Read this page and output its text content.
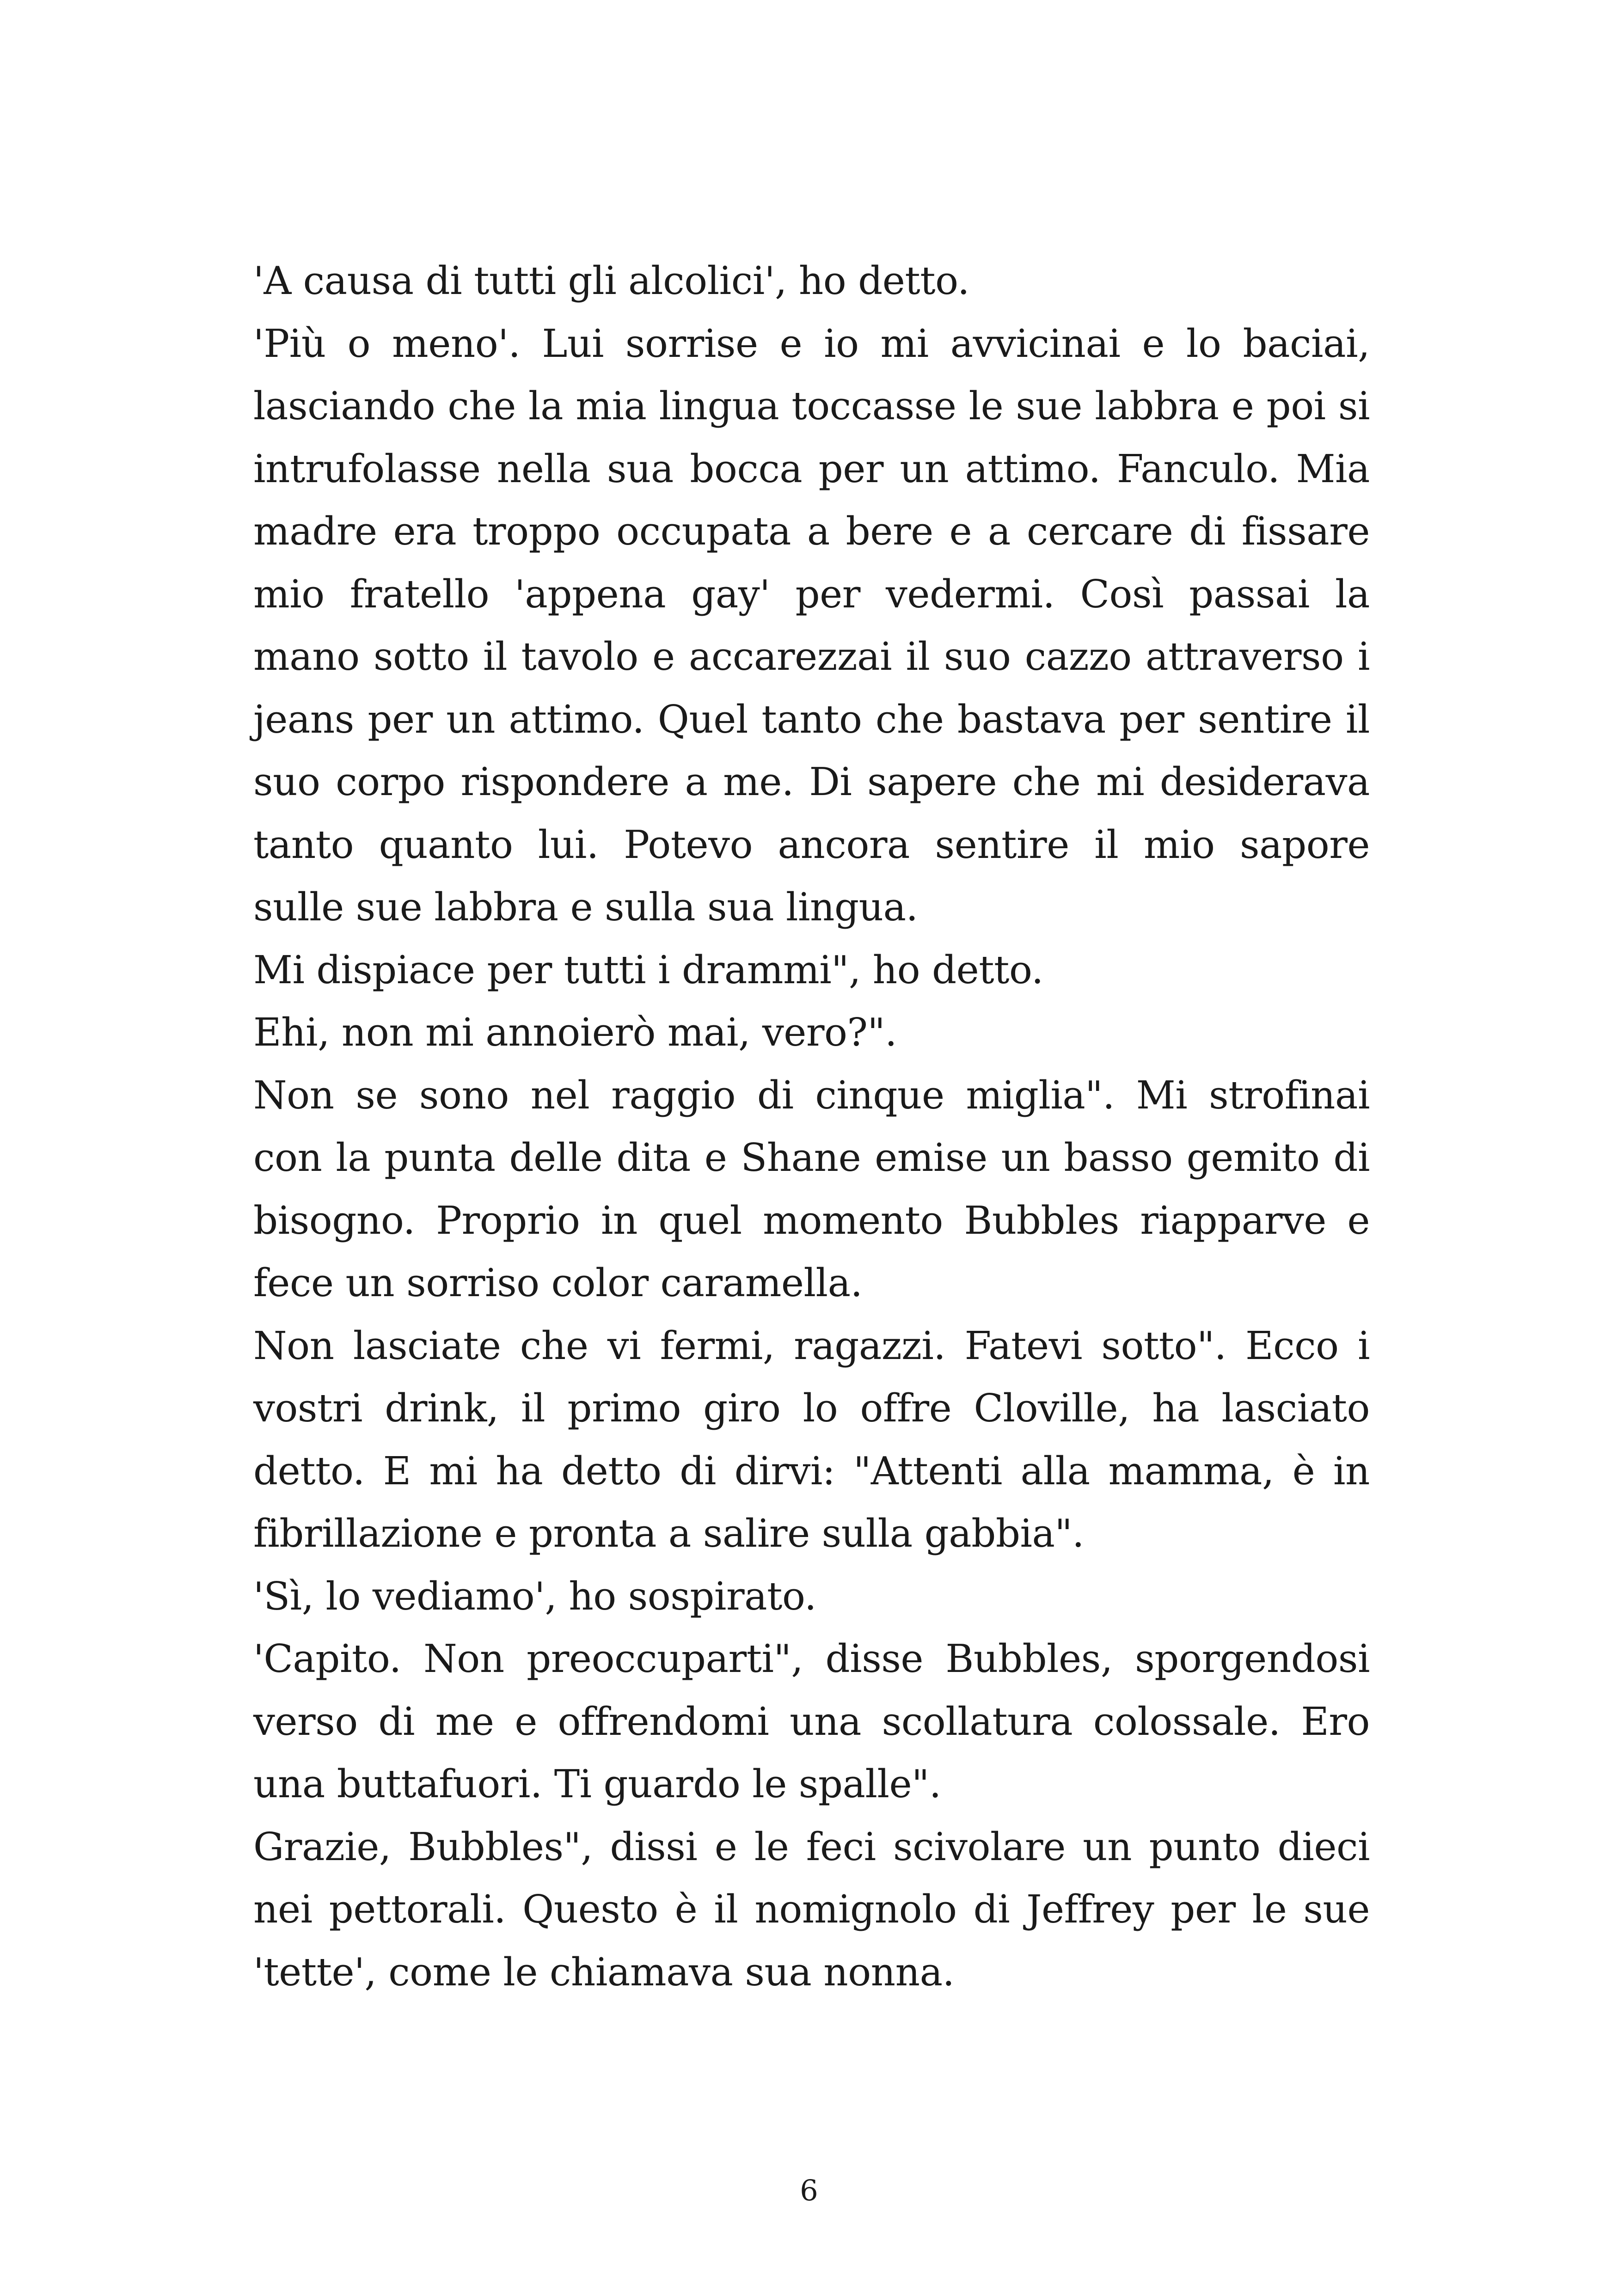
'A causa di tutti gli alcolici', ho detto.
'Più o meno'. Lui sorrise e io mi avvicinai e lo baciai,
lasciando che la mia lingua toccasse le sue labbra e poi si
intrufolasse nella sua bocca per un attimo. Fanculo. Mia
madre era troppo occupata a bere e a cercare di fissare
mio fratello 'appena gay' per vedermi. Così passai la
mano sotto il tavolo e accarezzai il suo cazzo attraverso i
jeans per un attimo. Quel tanto che bastava per sentire il
suo corpo rispondere a me. Di sapere che mi desiderava
tanto quanto lui. Potevo ancora sentire il mio sapore
sulle sue labbra e sulla sua lingua.
Mi dispiace per tutti i drammi", ho detto.
Ehi, non mi annoierò mai, vero?".
Non se sono nel raggio di cinque miglia". Mi strofinai
con la punta delle dita e Shane emise un basso gemito di
bisogno. Proprio in quel momento Bubbles riapparve e
fece un sorriso color caramella.
Non lasciate che vi fermi, ragazzi. Fatevi sotto". Ecco i
vostri drink, il primo giro lo offre Cloville, ha lasciato
detto. E mi ha detto di dirvi: "Attenti alla mamma, è in
fibrillazione e pronta a salire sulla gabbia".
'Sì, lo vediamo', ho sospirato.
'Capito. Non preoccuparti", disse Bubbles, sporgendosi
verso di me e offrendomi una scollatura colossale. Ero
una buttafuori. Ti guardo le spalle".
Grazie, Bubbles", dissi e le feci scivolare un punto dieci
nei pettorali. Questo è il nomignolo di Jeffrey per le sue
'tette', come le chiamava sua nonna.
6
